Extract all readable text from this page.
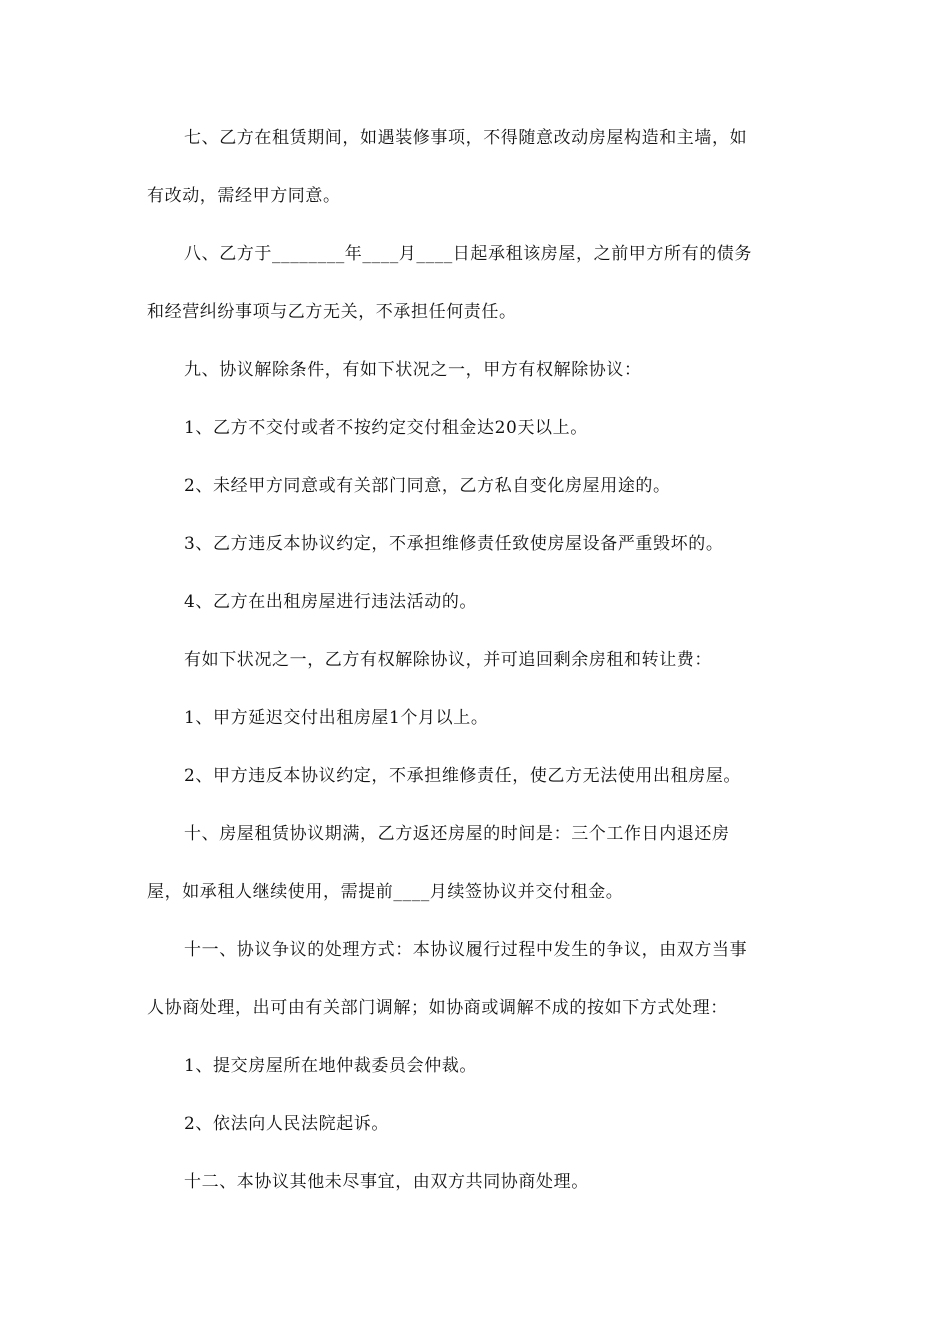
七、乙方在租赁期间，如遇装修事项，不得随意改动房屋构造和主墙，如
有改动，需经甲方同意。

八、乙方于________年____月____日起承租该房屋，之前甲方所有的债务
和经营纠纷事项与乙方无关，不承担任何责任。

九、协议解除条件，有如下状况之一，甲方有权解除协议：

1、乙方不交付或者不按约定交付租金达20天以上。

2、未经甲方同意或有关部门同意，乙方私自变化房屋用途的。

3、乙方违反本协议约定，不承担维修责任致使房屋设备严重毁坏的。

4、乙方在出租房屋进行违法活动的。

有如下状况之一，乙方有权解除协议，并可追回剩余房租和转让费：

1、甲方延迟交付出租房屋1个月以上。

2、甲方违反本协议约定，不承担维修责任，使乙方无法使用出租房屋。

十、房屋租赁协议期满，乙方返还房屋的时间是：三个工作日内退还房
屋，如承租人继续使用，需提前____月续签协议并交付租金。

十一、协议争议的处理方式：本协议履行过程中发生的争议，由双方当事
人协商处理，出可由有关部门调解；如协商或调解不成的按如下方式处理：

1、提交房屋所在地仲裁委员会仲裁。

2、依法向人民法院起诉。

十二、本协议其他未尽事宜，由双方共同协商处理。
